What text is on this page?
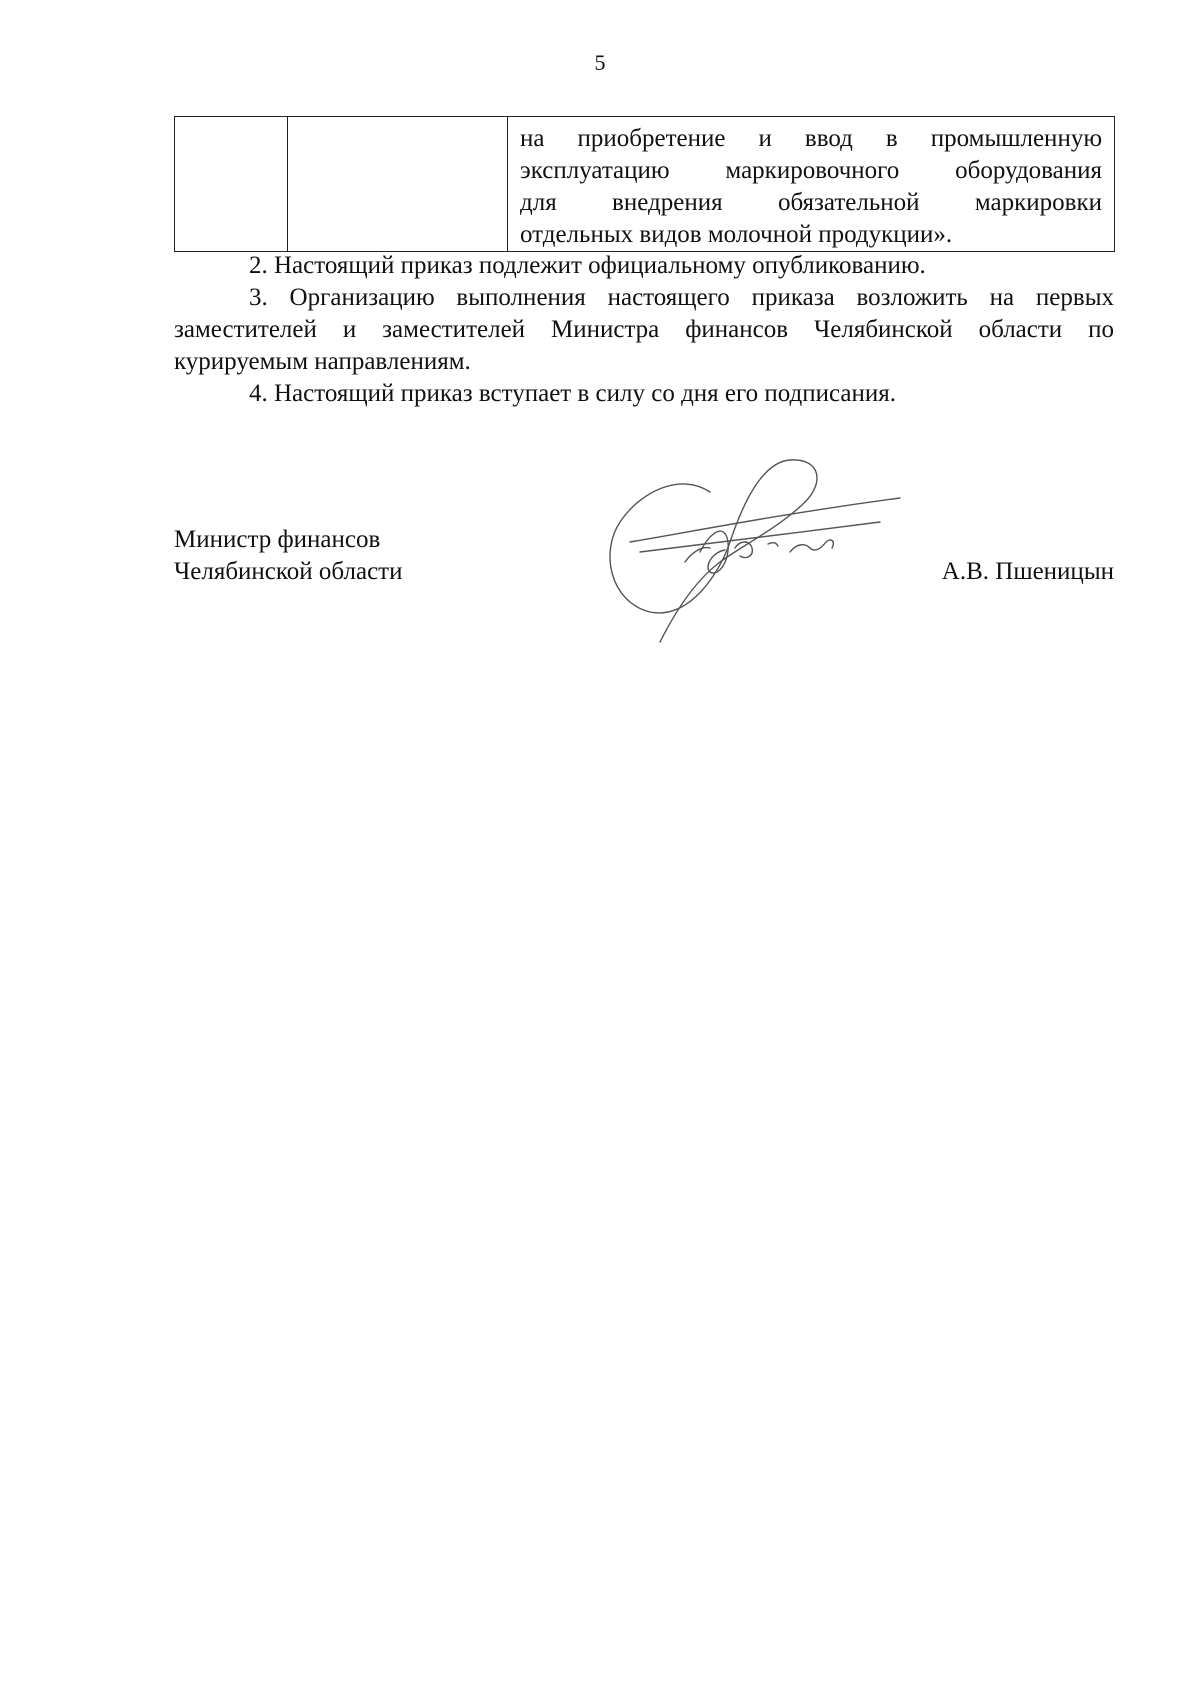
5

на приобретение и ввод в промышленную
эксплуатацию маркировочного оборудования
для внедрения обязательной маркировки
отдельных видов молочной продукции».

2. Настоящий приказ подлежит официальному опубликованию.

3. Организацию выполнения настоящего приказа возложить на первых заместителей и заместителей Министра финансов Челябинской области по курируемым направлениям.

4. Настоящий приказ вступает в силу со дня его подписания.

Министр финансов
Челябинской области	А.В. Пшеницын
